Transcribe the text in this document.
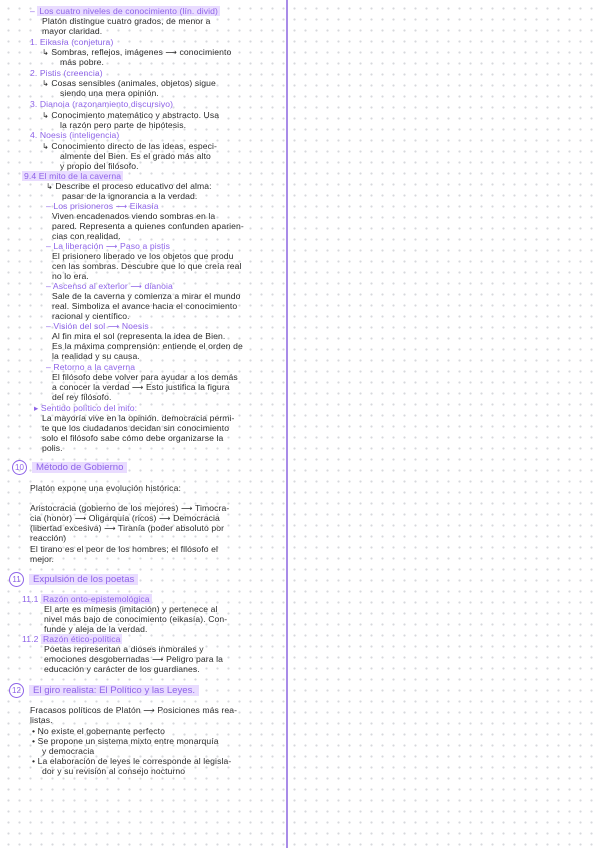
– Los cuatro niveles de conocimiento (lín. divid)
Platón distingue cuatro grados, de menor a
mayor claridad.
1. Eikasía (conjetura)
↳ Sombras, reflejos, imágenes ⟶ conocimiento
más pobre.
2. Pistis (creencia)
↳ Cosas sensibles (animales, objetos) sigue
siendo una mera opinión.
3. Dianoia (razonamiento discursivo)
↳ Conocimiento matemático y abstracto. Usa
la razón pero parte de hipótesis.
4. Noesis (inteligencia)
↳ Conocimiento directo de las ideas, especi-
almente del Bien. Es el grado más alto
y propio del filósofo.
9.4 El mito de la caverna
↳ Describe el proceso educativo del alma:
pasar de la ignorancia a la verdad.
– Los prisioneros ⟶ Eikasía
Viven encadenados viendo sombras en la
pared. Representa a quienes confunden aparien-
cias con realidad.
– La liberación ⟶ Paso a pistis
El prisionero liberado ve los objetos que produ
cen las sombras. Descubre que lo que creía real
no lo era.
– Ascenso al exterior ⟶ dianoia
Sale de la caverna y comienza a mirar el mundo
real. Simboliza el avance hacia el conocimiento
racional y científico.
– Visión del sol ⟶ Noesis
Al fin mira el sol (representa la idea de Bien.
Es la máxima comprensión: entiende el orden de
la realidad y su causa.
– Retorno a la caverna
El filósofo debe volver para ayudar a los demás
a conocer la verdad ⟶ Esto justifica la figura
del rey filósofo.
▸ Sentido político del mito:
La mayoría vive en la opinión. democracia permi-
te que los ciudadanos decidan sin conocimiento
solo el filósofo sabe cómo debe organizarse la
polis.
10 Método de Gobierno
Platón expone una evolución histórica:
Aristocracia (gobierno de los mejores) ⟶ Timocra-
cia (honor) ⟶ Oligarquía (ricos) ⟶ Democracia
(libertad excesiva) ⟶ Tiranía (poder absoluto por
reacción)
El tirano es el peor de los hombres; el filósofo el
mejor.
11 Expulsión de los poetas
11.1 Razón onto-epistemológica
El arte es mímesis (imitación) y pertenece al
nivel más bajo de conocimiento (eikasía). Con-
funde y aleja de la verdad.
11.2 Razón ético-política
Poetas representan a dioses inmorales y
emociones desgobernadas ⟶ Peligro para la
educación y carácter de los guardianes.
12 El giro realista: El Político y las Leyes.
Fracasos políticos de Platón ⟶ Posiciones más rea-
listas.
• No existe el gobernante perfecto
• Se propone un sistema mixto entre monarquía
y democracia
• La elaboración de leyes le corresponde al legisla-
dor y su revisión al consejo nocturno
